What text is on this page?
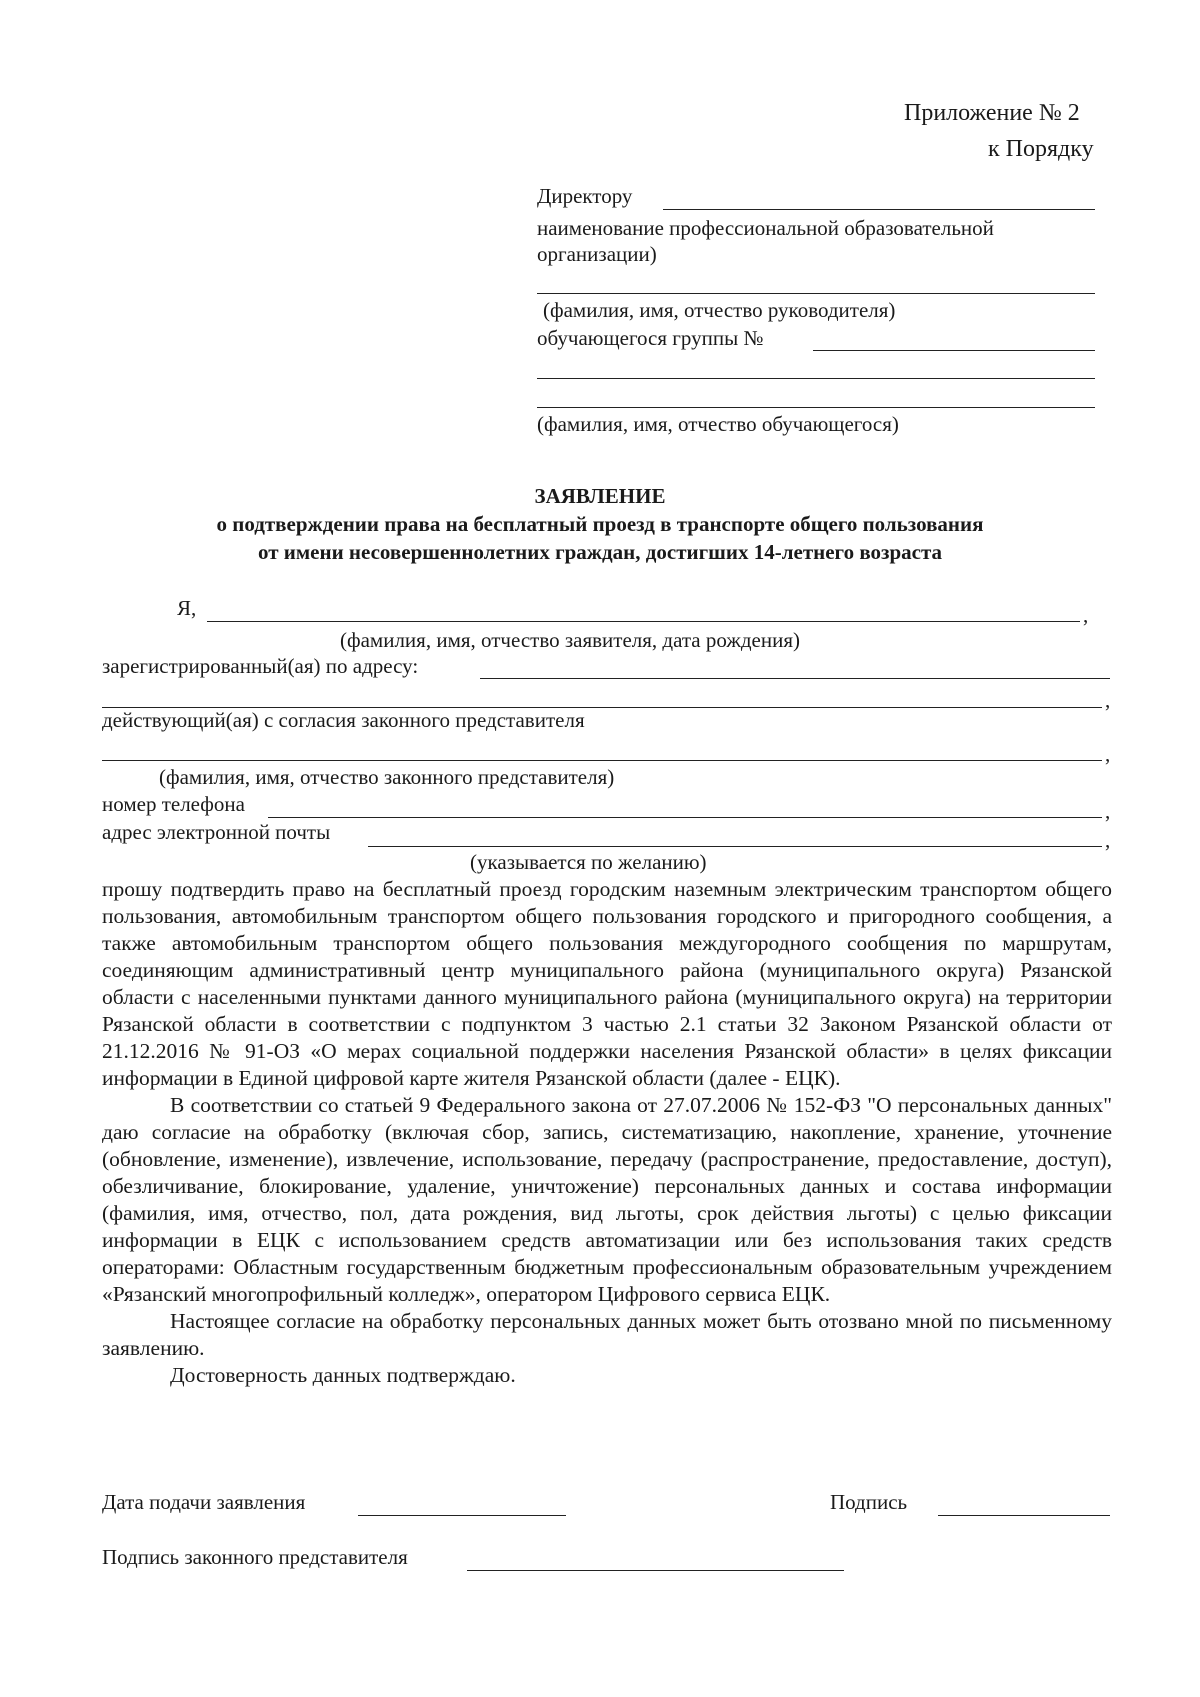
Приложение № 2
к Порядку
Директору
наименование профессиональной образовательной
организации)
(фамилия, имя, отчество руководителя)
обучающегося группы №
(фамилия, имя, отчество обучающегося)
ЗАЯВЛЕНИЕ
о подтверждении права на бесплатный проезд в транспорте общего пользования
от имени несовершеннолетних граждан, достигших 14-летнего возраста
Я,	,
(фамилия, имя, отчество заявителя, дата рождения)
зарегистрированный(ая) по адресу:
,
действующий(ая) с согласия законного представителя
,
(фамилия, имя, отчество законного представителя)
номер телефона	,
адрес электронной почты	,
(указывается по желанию)

прошу подтвердить право на бесплатный проезд городским наземным электрическим транспортом общего пользования, автомобильным транспортом общего пользования городского и пригородного сообщения, а также автомобильным транспортом общего пользования междугородного сообщения по маршрутам, соединяющим административный центр муниципального района (муниципального округа) Рязанской области с населенными пунктами данного муниципального района (муниципального округа) на территории Рязанской области в соответствии с подпунктом 3 частью 2.1 статьи 32 Законом Рязанской области от 21.12.2016 № 91-ОЗ «О мерах социальной поддержки населения Рязанской области» в целях фиксации информации в Единой цифровой карте жителя Рязанской области (далее - ЕЦК).

В соответствии со статьей 9 Федерального закона от 27.07.2006 № 152-ФЗ "О персональных данных" даю согласие на обработку (включая сбор, запись, систематизацию, накопление, хранение, уточнение (обновление, изменение), извлечение, использование, передачу (распространение, предоставление, доступ), обезличивание, блокирование, удаление, уничтожение) персональных данных и состава информации (фамилия, имя, отчество, пол, дата рождения, вид льготы, срок действия льготы) с целью фиксации информации в ЕЦК с использованием средств автоматизации или без использования таких средств операторами: Областным государственным бюджетным профессиональным образовательным учреждением «Рязанский многопрофильный колледж», оператором Цифрового сервиса ЕЦК.

Настоящее согласие на обработку персональных данных может быть отозвано мной по письменному заявлению.

Достоверность данных подтверждаю.

Дата подачи заявления	Подпись
Подпись законного представителя
